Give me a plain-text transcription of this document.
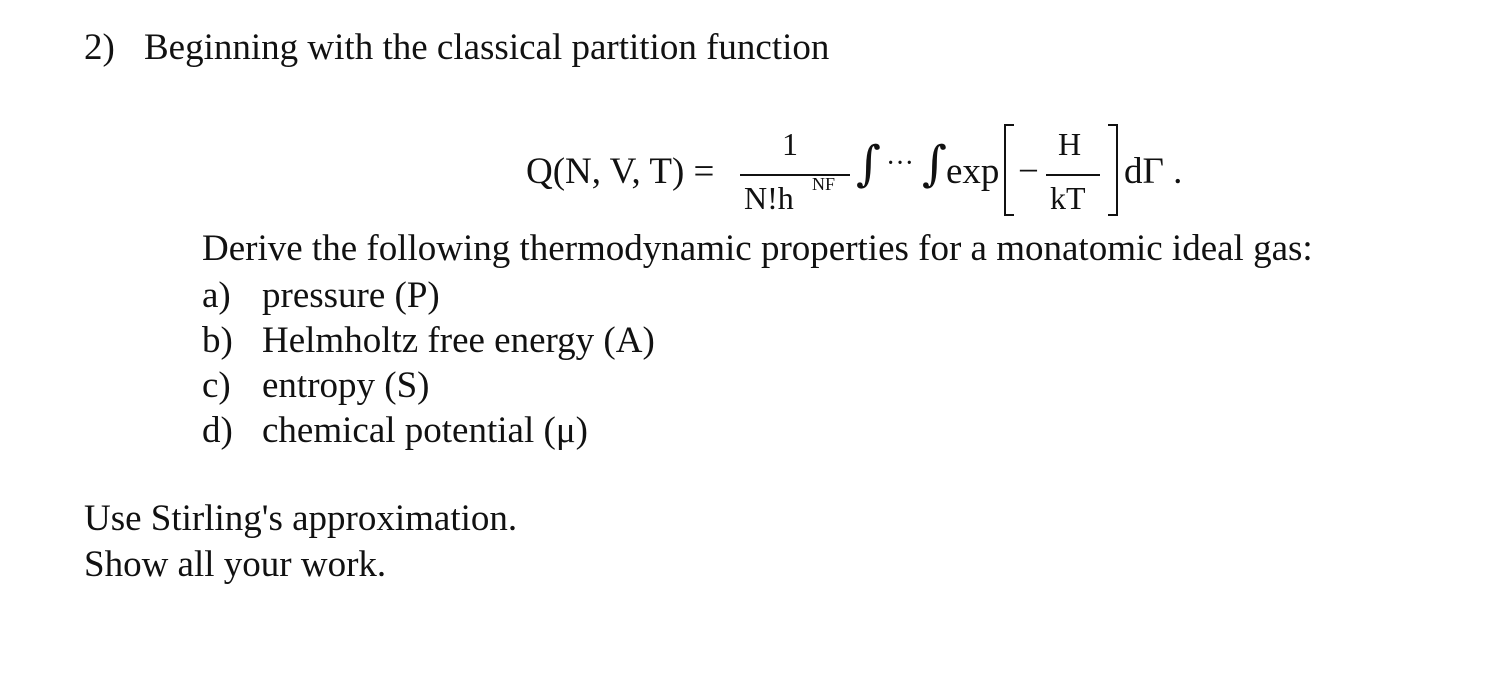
2) Beginning with the classical partition function
Q(N, V, T) =
1
N!h NF ∫ ··· ∫
exp −
H
kT
dΓ .
Derive the following thermodynamic properties for a monatomic ideal gas:
a) pressure (P)
b) Helmholtz free energy (A)
c) entropy (S)
d) chemical potential (μ)
Use Stirling's approximation.
Show all your work.
